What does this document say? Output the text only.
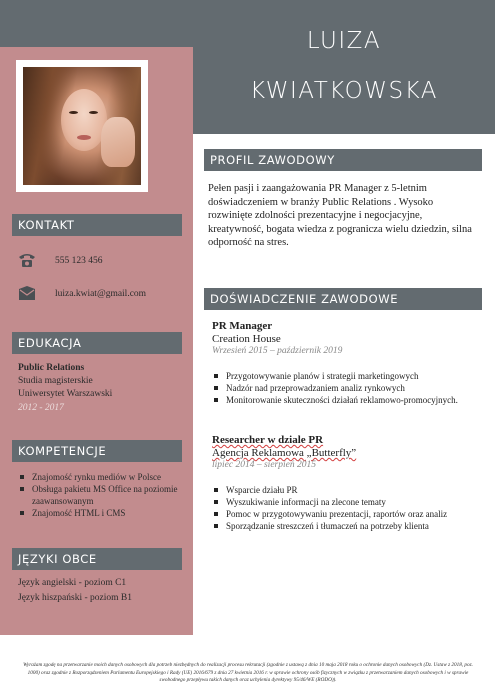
LUIZA
KWIATKOWSKA
KONTAKT
555 123 456
luiza.kwiat@gmail.com
EDUKACJA
Public Relations
Studia magisterskie
Uniwersytet Warszawski
2012 - 2017
KOMPETENCJE
Znajomość rynku mediów w Polsce
Obsługa pakietu MS Office na poziomie zaawansowanym
Znajomość HTML i CMS
JĘZYKI OBCE
Język angielski - poziom C1
Język hiszpański - poziom B1
PROFIL ZAWODOWY
Pełen pasji i zaangażowania PR Manager z 5-letnim doświadczeniem w branży Public Relations . Wysoko rozwinięte zdolności prezentacyjne i negocjacyjne, kreatywność, bogata wiedza z pogranicza wielu dziedzin, silna odporność na stres.
DOŚWIADCZENIE ZAWODOWE
PR Manager
Creation House
Wrzesień 2015 – październik 2019
Przygotowywanie planów i strategii marketingowych
Nadzór nad przeprowadzaniem analiz rynkowych
Monitorowanie skuteczności działań reklamowo-promocyjnych.
Researcher w dziale PR
Agencja Reklamowa „Butterfly”
lipiec 2014 – sierpień 2015
Wsparcie działu PR
Wyszukiwanie informacji na zlecone tematy
Pomoc w przygotowywaniu prezentacji, raportów oraz analiz
Sporządzanie streszczeń i tłumaczeń na potrzeby klienta
Wyrażam zgodę na przetwarzanie moich danych osobowych dla potrzeb niezbędnych do realizacji procesu rekrutacji (zgodnie z ustawą z dnia 10 maja 2018 roku o ochronie danych osobowych (Dz. Ustaw z 2018, poz. 1000) oraz zgodnie z Rozporządzeniem Parlamentu Europejskiego i Rady (UE) 2016/679 z dnia 27 kwietnia 2016 r. w sprawie ochrony osób fizycznych w związku z przetwarzaniem danych osobowych i w sprawie swobodnego przepływu takich danych oraz uchylenia dyrektywy 95/46/WE (RODO)).
